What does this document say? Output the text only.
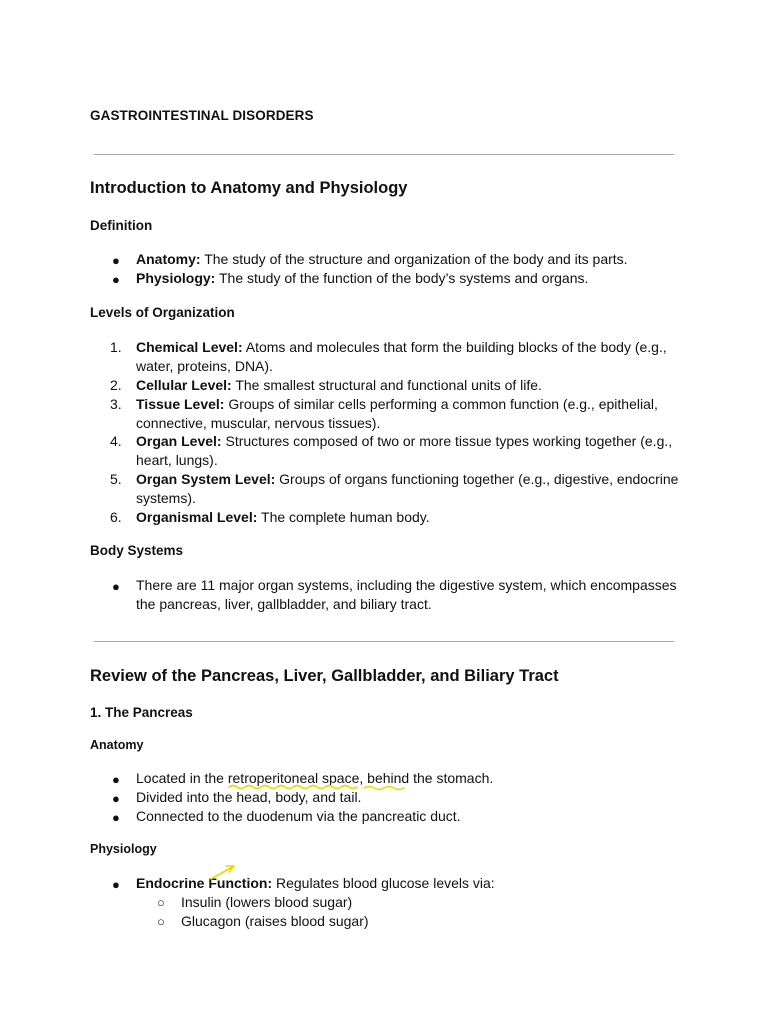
GASTROINTESTINAL DISORDERS
Introduction to Anatomy and Physiology
Definition
● Anatomy: The study of the structure and organization of the body and its parts.
● Physiology: The study of the function of the body’s systems and organs.
Levels of Organization
1. Chemical Level: Atoms and molecules that form the building blocks of the body (e.g.,
water, proteins, DNA).
2. Cellular Level: The smallest structural and functional units of life.
3. Tissue Level: Groups of similar cells performing a common function (e.g., epithelial,
connective, muscular, nervous tissues).
4. Organ Level: Structures composed of two or more tissue types working together (e.g.,
heart, lungs).
5. Organ System Level: Groups of organs functioning together (e.g., digestive, endocrine
systems).
6. Organismal Level: The complete human body.
Body Systems
● There are 11 major organ systems, including the digestive system, which encompasses
the pancreas, liver, gallbladder, and biliary tract.
Review of the Pancreas, Liver, Gallbladder, and Biliary Tract
1. The Pancreas
Anatomy
● Located in the retroperitoneal space, behind the stomach.
● Divided into the head, body, and tail.
● Connected to the duodenum via the pancreatic duct.
Physiology
● Endocrine Function: Regulates blood glucose levels via:
○ Insulin (lowers blood sugar)
○ Glucagon (raises blood sugar)
